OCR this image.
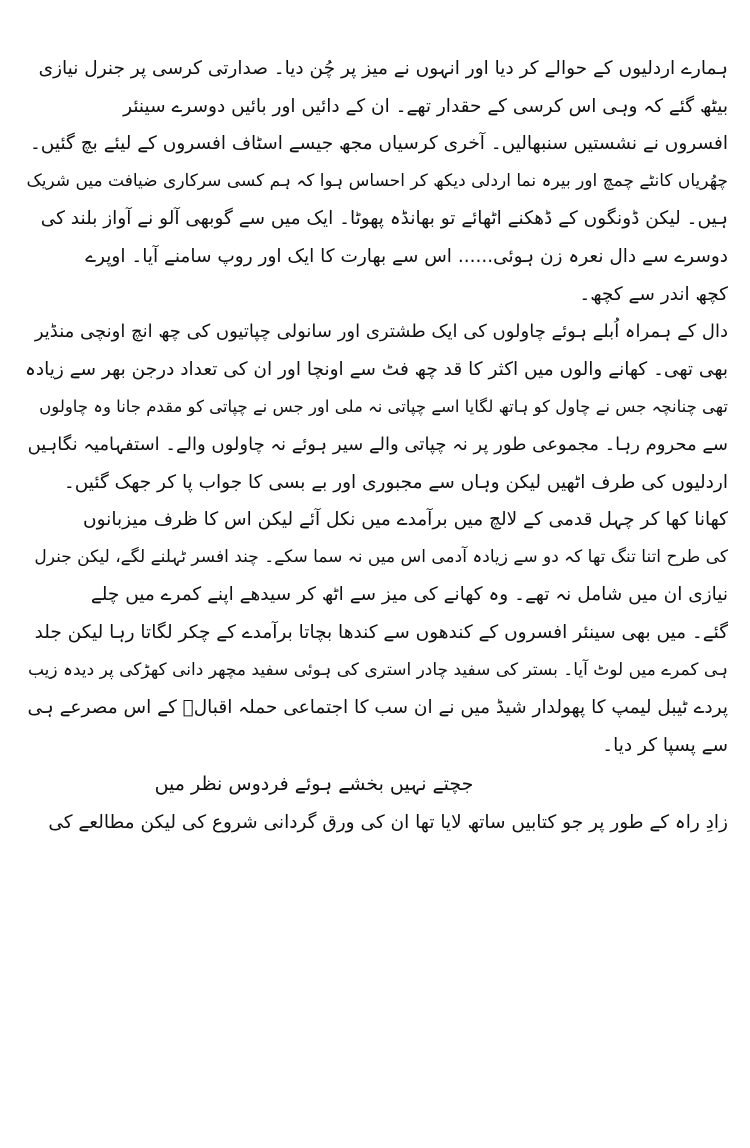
ہمارے اردلیوں کے حوالے کر دیا اور انہوں نے میز پر چُن دیا۔ صدارتی کرسی پر جنرل نیازی
بیٹھ گئے کہ وہی اس کرسی کے حقدار تھے۔ ان کے دائیں اور بائیں دوسرے سینئر
افسروں نے نشستیں سنبھالیں۔ آخری کرسیاں مجھ جیسے اسٹاف افسروں کے لیئے بچ گئیں۔
چھُریاں کانٹے چمچ اور بیرہ نما اردلی دیکھ کر احساس ہوا کہ ہم کسی سرکاری ضیافت میں شریک
ہیں۔ لیکن ڈونگوں کے ڈھکنے اٹھائے تو بھانڈہ پھوٹا۔ ایک میں سے گوبھی آلو نے آواز بلند کی
دوسرے سے دال نعرہ زن ہوئی...... اس سے بھارت کا ایک اور روپ سامنے آیا۔ اوپرے
کچھ اندر سے کچھ۔
دال کے ہمراہ اُبلے ہوئے چاولوں کی ایک طشتری اور سانولی چپاتیوں کی چھ انچ اونچی منڈیر
بھی تھی۔ کھانے والوں میں اکثر کا قد چھ فٹ سے اونچا اور ان کی تعداد درجن بھر سے زیادہ
تھی چنانچہ جس نے چاول کو ہاتھ لگایا اسے چپاتی نہ ملی اور جس نے چپاتی کو مقدم جانا وہ چاولوں
سے محروم رہا۔ مجموعی طور پر نہ چپاتی والے سیر ہوئے نہ چاولوں والے۔ استفہامیہ نگاہیں
اردلیوں کی طرف اٹھیں لیکن وہاں سے مجبوری اور بے بسی کا جواب پا کر جھک گئیں۔
کھانا کھا کر چہل قدمی کے لالچ میں برآمدے میں نکل آئے لیکن اس کا ظرف میزبانوں
کی طرح اتنا تنگ تھا کہ دو سے زیادہ آدمی اس میں نہ سما سکے۔ چند افسر ٹہلنے لگے، لیکن جنرل
نیازی ان میں شامل نہ تھے۔ وہ کھانے کی میز سے اٹھ کر سیدھے اپنے کمرے میں چلے
گئے۔ میں بھی سینئر افسروں کے کندھوں سے کندھا بچاتا برآمدے کے چکر لگاتا رہا لیکن جلد
ہی کمرے میں لوٹ آیا۔ بستر کی سفید چادر استری کی ہوئی سفید مچھر دانی کھڑکی پر دیدہ زیب
پردے ٹیبل لیمپ کا پھولدار شیڈ میں نے ان سب کا اجتماعی حملہ اقبالؒ کے اس مصرعے ہی
سے پسپا کر دیا۔
جچتے نہیں بخشے ہوئے فردوس نظر میں
زادِ راہ کے طور پر جو کتابیں ساتھ لایا تھا ان کی ورق گردانی شروع کی لیکن مطالعے کی
